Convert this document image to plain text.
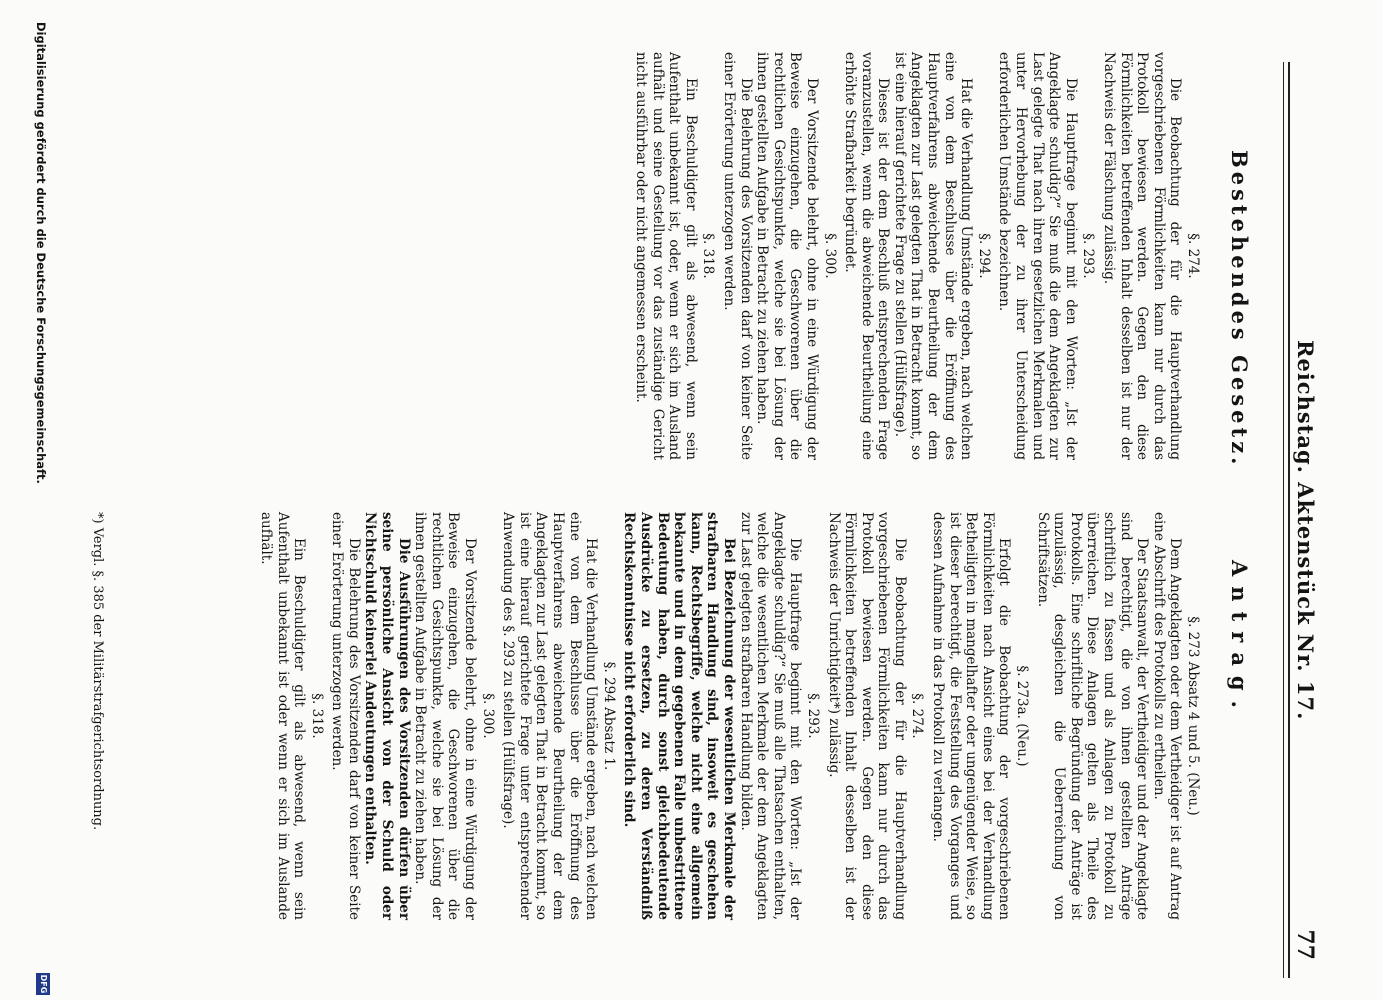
77
Reichstag. Aktenstück Nr. 17.
Bestehendes Gesetz.
Antrag.
§. 274.

Die Beobachtung der für die Hauptverhandlung vorgeschriebenen Förmlichkeiten kann nur durch das Protokoll bewiesen werden. Gegen den diese Förmlichkeiten betreffenden Inhalt desselben ist nur der Nachweis der Fälschung zulässig.

§. 293.

Die Hauptfrage beginnt mit den Worten: „Ist der Angeklagte schuldig?“ Sie muß die dem Angeklagten zur Last gelegte That nach ihren gesetzlichen Merkmalen und unter Hervorhebung der zu ihrer Unterscheidung erforderlichen Umstände bezeichnen.

§. 294.

Hat die Verhandlung Umstände ergeben, nach welchen eine von dem Beschlusse über die Eröffnung des Hauptverfahrens abweichende Beurtheilung der dem Angeklagten zur Last gelegten That in Betracht kommt, so ist eine hierauf gerichtete Frage zu stellen (Hülfsfrage).

Dieses ist der dem Beschluß entsprechenden Frage voranzustellen, wenn die abweichende Beurtheilung eine erhöhte Strafbarkeit begründet.

§. 300.

Der Vorsitzende belehrt, ohne in eine Würdigung der Beweise einzugehen, die Geschworenen über die rechtlichen Gesichtspunkte, welche sie bei Lösung der ihnen gestellten Aufgabe in Betracht zu ziehen haben.

Die Belehrung des Vorsitzenden darf von keiner Seite einer Erörterung unterzogen werden.

§. 318.

Ein Beschuldigter gilt als abwesend, wenn sein Aufenthalt unbekannt ist, oder, wenn er sich im Ausland aufhält und seine Gestellung vor das zuständige Gericht nicht ausführbar oder nicht angemessen erscheint.

§. 273 Absatz 4 und 5. (Neu.)

Dem Angeklagten oder dem Vertheidiger ist auf Antrag eine Abschrift des Protokolls zu ertheilen.

Der Staatsanwalt, der Vertheidiger und der Angeklagte sind berechtigt, die von ihnen gestellten Anträge schriftlich zu fassen und als Anlagen zu Protokoll zu überreichen. Diese Anlagen gelten als Theile des Protokolls. Eine schriftliche Begründung der Anträge ist unzulässig, desgleichen die Ueberreichung von Schriftsätzen.

§. 273a. (Neu.)

Erfolgt die Beobachtung der vorgeschriebenen Förmlichkeiten nach Ansicht eines bei der Verhandlung Betheiligten in mangelhafter oder ungenügender Weise, so ist dieser berechtigt, die Feststellung des Vorganges und dessen Aufnahme in das Protokoll zu verlangen.

§. 274.

Die Beobachtung der für die Hauptverhandlung vorgeschriebenen Förmlichkeiten kann nur durch das Protokoll bewiesen werden. Gegen den diese Förmlichkeiten betreffenden Inhalt desselben ist der Nachweis der Unrichtigkeit*) zulässig.

§. 293.

Die Hauptfrage beginnt mit den Worten: „Ist der Angeklagte schuldig?“ Sie muß alle Thatsachen enthalten, welche die wesentlichen Merkmale der dem Angeklagten zur Last gelegten strafbaren Handlung bilden.

Bei Bezeichnung der wesentlichen Merkmale der strafbaren Handlung sind, insoweit es geschehen kann, Rechtsbegriffe, welche nicht eine allgemein bekannte und in dem gegebenen Falle unbestrittene Bedeutung haben, durch sonst gleichbedeutende Ausdrücke zu ersetzen, zu deren Verständniß Rechtskenntnisse nicht erforderlich sind.

§. 294 Absatz 1.

Hat die Verhandlung Umstände ergeben, nach welchen eine von dem Beschlusse über die Eröffnung des Hauptverfahrens abweichende Beurtheilung der dem Angeklagten zur Last gelegten That in Betracht kommt, so ist eine hierauf gerichtete Frage unter entsprechender Anwendung des §. 293 zu stellen (Hülfsfrage).

§. 300.

Der Vorsitzende belehrt, ohne in eine Würdigung der Beweise einzugehen, die Geschworenen über die rechtlichen Gesichtspunkte, welche sie bei Lösung der ihnen gestellten Aufgabe in Betracht zu ziehen haben.

Die Ausführungen des Vorsitzenden dürfen über seine persönliche Ansicht von der Schuld oder Nichtschuld keinerlei Andeutungen enthalten.

Die Belehrung des Vorsitzenden darf von keiner Seite einer Erörterung unterzogen werden.

§. 318.

Ein Beschuldigter gilt als abwesend, wenn sein Aufenthalt unbekannt ist oder wenn er sich im Auslande aufhält.

*) Vergl. §. 385 der Militärstrafgerichtsordnung.
Digitalisierung gefördert durch die Deutsche Forschungsgemeinschaft.
DFG
